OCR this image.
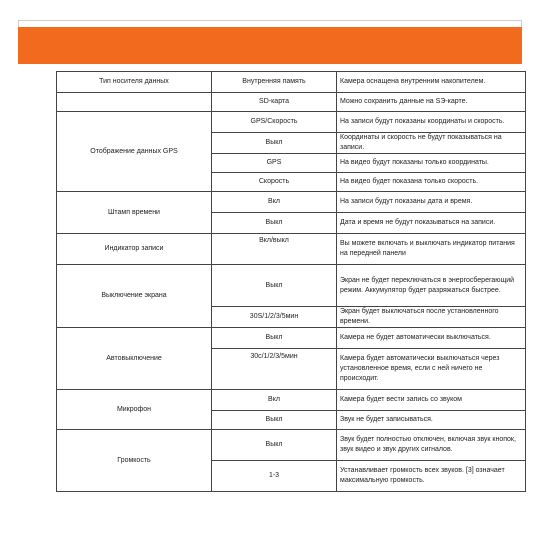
Тип носителя данных	Внутренняя память	Камера оснащена внутренним накопителем.
	SD-карта	Можно сохранить данные на SЭ-карте.
Отображение данных GPS	GPS/Скорость	На записи будут показаны координаты и скорость.
	Выкл	Координаты и скорость не будут показываться на записи.
	GPS	На видео будут показаны только координаты.
	Скорость	На видео будет показана только скорость.
Штамп времени	Вкл	На записи будут показаны дата и время.
	Выкл	Дата и время не будут показываться на записи.
Индикатор записи	Вкл/выкл	Вы можете включать и выключать индикатор питания на передней панели
Выключение экрана	Выкл	Экран не будет переключаться в энергосберегающий режим. Аккумулятор будет разряжаться быстрее.
	30S/1/2/3/5мин	Экран будет выключаться после установленного времени.
Автовыключение	Выкл	Камера не будет автоматически выключаться.
	30с/1/2/3/5мин	Камера будет автоматически выключаться через установленное время, если с ней ничего не происходит.
Микрофон	Вкл	Камера будет вести запись со звуком
	Выкл	Звук не будет записываться.
Громкость	Выкл	Звук будет полностью отключен, включая звук кнопок, звук видео и звук других сигналов.
	1-3	Устанавливает громкость всех звуков. [3] означает максимальную громкость.
